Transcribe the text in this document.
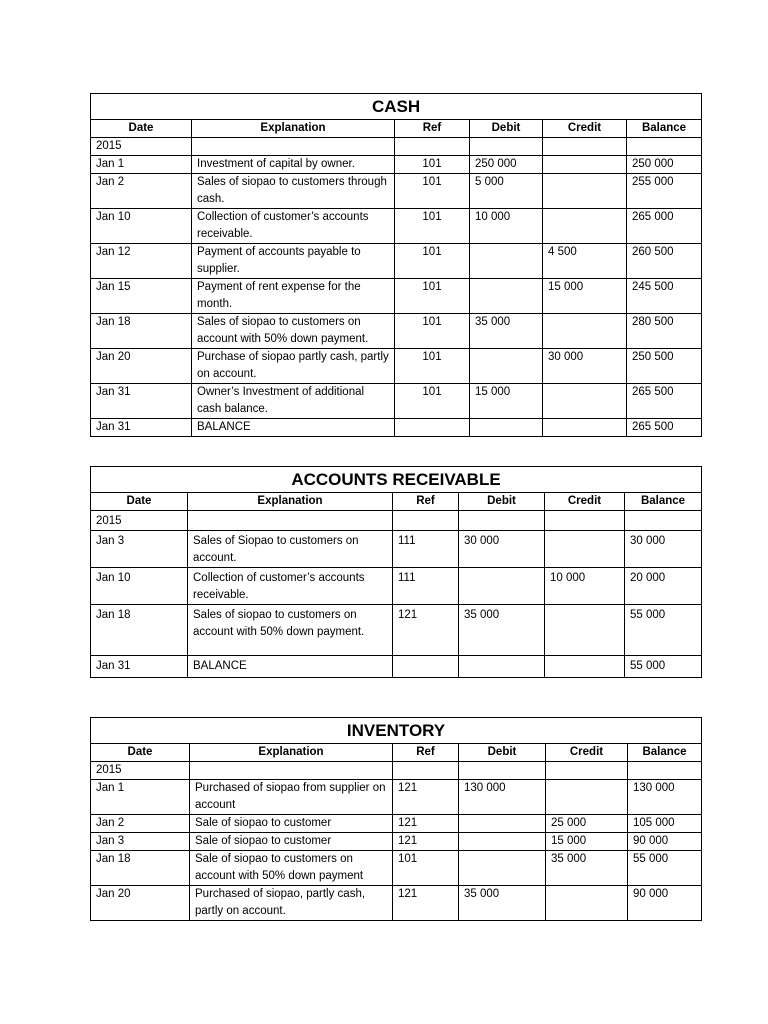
CASH					
Date	Explanation	Ref	Debit	Credit	Balance
2015					
Jan 1	Investment of capital by owner.	101	250 000		250 000
Jan 2	Sales of siopao to customers through cash.	101	5 000		255 000
Jan 10	Collection of customer’s accounts receivable.	101	10 000		265 000
Jan 12	Payment of accounts payable to supplier.	101		4 500	260 500
Jan 15	Payment of rent expense for the month.	101		15 000	245 500
Jan 18	Sales of siopao to customers on account with 50% down payment.	101	35 000		280 500
Jan 20	Purchase of siopao partly cash, partly on account.	101		30 000	250 500
Jan 31	Owner’s Investment of additional cash balance.	101	15 000		265 500
Jan 31	BALANCE				265 500
ACCOUNTS RECEIVABLE					
Date	Explanation	Ref	Debit	Credit	Balance
2015					
Jan 3	Sales of Siopao to customers on account.	111	30 000		30 000
Jan 10	Collection of customer’s accounts receivable.	111		10 000	20 000
Jan 18	Sales of siopao to customers on account with 50% down payment.	121	35 000		55 000
Jan 31	BALANCE				55 000
INVENTORY					
Date	Explanation	Ref	Debit	Credit	Balance
2015					
Jan 1	Purchased of siopao from supplier on account	121	130 000		130 000
Jan 2	Sale of siopao to customer	121		25 000	105 000
Jan 3	Sale of siopao to customer	121		15 000	90 000
Jan 18	Sale of siopao to customers on account with 50% down payment	101		35 000	55 000
Jan 20	Purchased of siopao, partly cash, partly on account.	121	35 000		90 000
